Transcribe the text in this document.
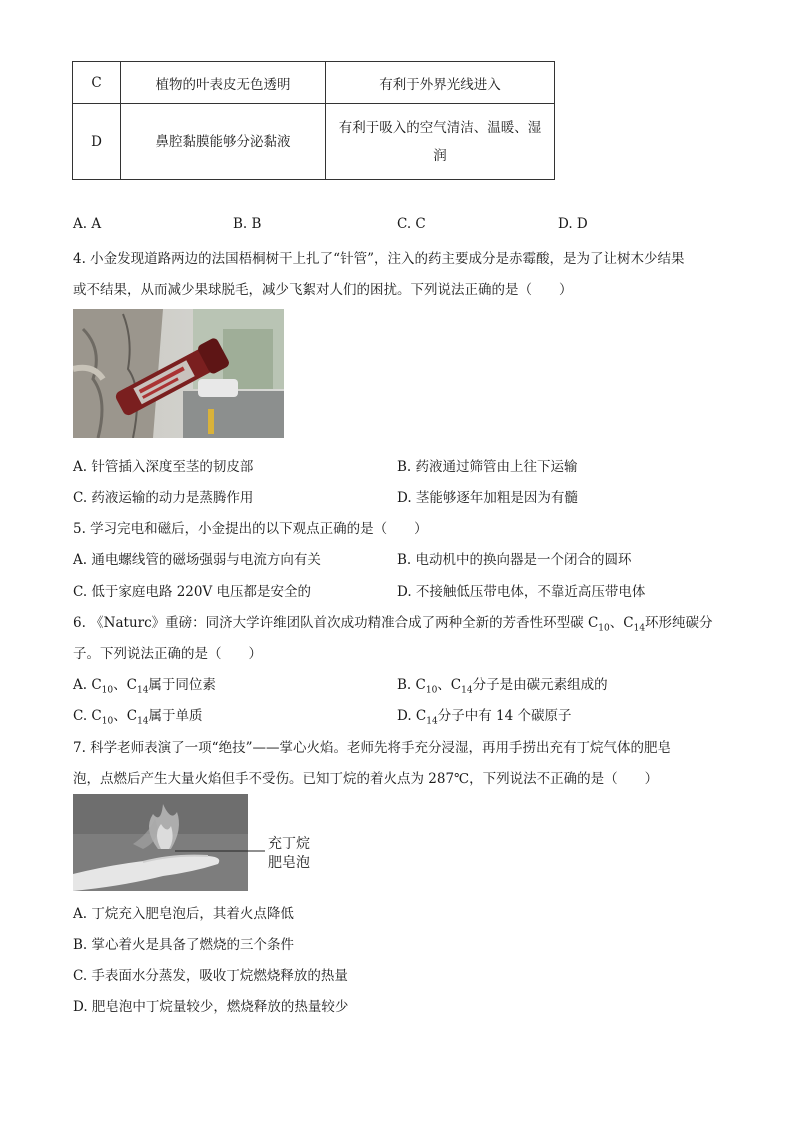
C	植物的叶表皮无色透明	有利于外界光线进入
D	鼻腔黏膜能够分泌黏液	有利于吸入的空气清洁、温暖、湿
润
A. A	B. B	C. C	D. D
4. 小金发现道路两边的法国梧桐树干上扎了“针管”，注入的药主要成分是赤霉酸，是为了让树木少结果
或不结果，从而减少果球脱毛，减少飞絮对人们的困扰。下列说法正确的是（　　）
A. 针管插入深度至茎的韧皮部	B. 药液通过筛管由上往下运输
C. 药液运输的动力是蒸腾作用	D. 茎能够逐年加粗是因为有髓
5. 学习完电和磁后，小金提出的以下观点正确的是（　　）
A. 通电螺线管的磁场强弱与电流方向有关	B. 电动机中的换向器是一个闭合的圆环
C. 低于家庭电路 220V 电压都是安全的	D. 不接触低压带电体，不靠近高压带电体
6. 《Naturc》重磅：同济大学许维团队首次成功精准合成了两种全新的芳香性环型碳 $C_{10}$、$C_{14}$环形纯碳分
子。下列说法正确的是（　　）
A. $C_{10}$、$C_{14}$属于同位素	B. $C_{10}$、$C_{14}$分子是由碳元素组成的
C. $C_{10}$、$C_{14}$属于单质	D. $C_{14}$分子中有 14 个碳原子
7. 科学老师表演了一项“绝技”——掌心火焰。老师先将手充分浸湿，再用手捞出充有丁烷气体的肥皂
泡，点燃后产生大量火焰但手不受伤。已知丁烷的着火点为 287℃，下列说法不正确的是（　　）
充丁烷
肥皂泡
A. 丁烷充入肥皂泡后，其着火点降低
B. 掌心着火是具备了燃烧的三个条件
C. 手表面水分蒸发，吸收丁烷燃烧释放的热量
D. 肥皂泡中丁烷量较少，燃烧释放的热量较少
